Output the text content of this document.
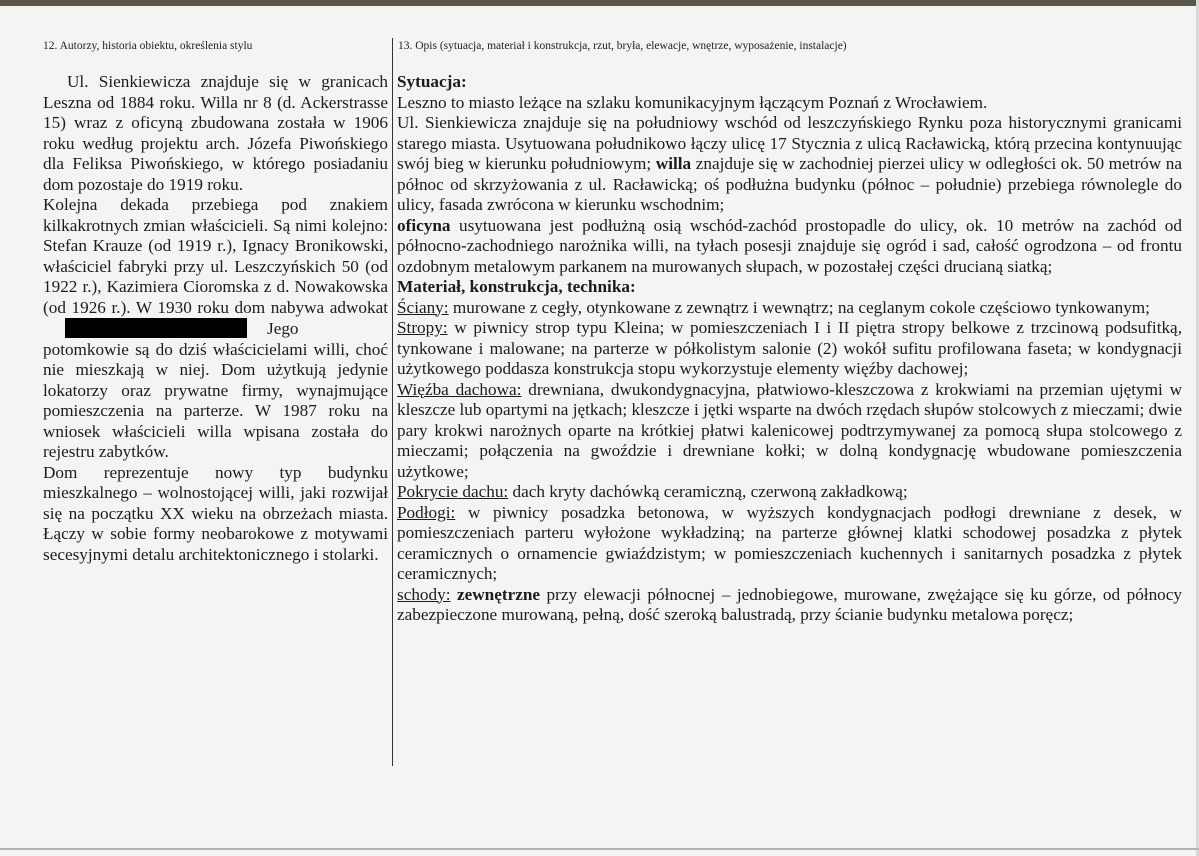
12. Autorzy, historia obiektu, określenia stylu	13. Opis (sytuacja, materiał i konstrukcja, rzut, bryła, elewacje, wnętrze, wyposażenie, instalacje)

Ul. Sienkiewicza znajduje się w granicach Leszna od 1884 roku. Willa nr 8 (d. Ackerstrasse 15) wraz z oficyną zbudowana została w 1906 roku według projektu arch. Józefa Piwońskiego dla Feliksa Piwońskiego, w którego posiadaniu dom pozostaje do 1919 roku.

Kolejna dekada przebiega pod znakiem kilkakrotnych zmian właścicieli. Są nimi kolejno: Stefan Krauze (od 1919 r.), Ignacy Bronikowski, właściciel fabryki przy ul. Leszczyńskich 50 (od 1922 r.), Kazimiera Cioromska z d. Nowakowska (od 1926 r.). W 1930 roku dom nabywa adwokatJego potomkowie są do dziś właścicielami willi, choć nie mieszkają w niej. Dom użytkują jedynie lokatorzy oraz prywatne firmy, wynajmujące pomieszczenia na parterze. W 1987 roku na wniosek właścicieli willa wpisana została do rejestru zabytków.

Dom reprezentuje nowy typ budynku mieszkalnego – wolnostojącej willi, jaki rozwijał się na początku XX wieku na obrzeżach miasta. Łączy w sobie formy neobarokowe z motywami secesyjnymi detalu architektonicznego i stolarki.

Sytuacja:

Leszno to miasto leżące na szlaku komunikacyjnym łączącym Poznań z Wrocławiem.

Ul. Sienkiewicza znajduje się na południowy wschód od leszczyńskiego Rynku poza historycznymi granicami starego miasta. Usytuowana południkowo łączy ulicę 17 Stycznia z ulicą Racławicką, którą przecina kontynuując swój bieg w kierunku południowym; willa znajduje się w zachodniej pierzei ulicy w odległości ok. 50 metrów na północ od skrzyżowania z ul. Racławicką; oś podłużna budynku (północ – południe) przebiega równolegle do ulicy, fasada zwrócona w kierunku wschodnim;

oficyna usytuowana jest podłużną osią wschód-zachód prostopadle do ulicy, ok. 10 metrów na zachód od północno-zachodniego narożnika willi, na tyłach posesji znajduje się ogród i sad, całość ogrodzona – od frontu ozdobnym metalowym parkanem na murowanych słupach, w pozostałej części drucianą siatką;

Materiał, konstrukcja, technika:

Ściany: murowane z cegły, otynkowane z zewnątrz i wewnątrz; na ceglanym cokole częściowo tynkowanym;

Stropy: w piwnicy strop typu Kleina; w pomieszczeniach I i II piętra stropy belkowe z trzcinową podsufitką, tynkowane i malowane; na parterze w półkolistym salonie (2) wokół sufitu profilowana faseta; w kondygnacji użytkowego poddasza konstrukcja stopu wykorzystuje elementy więźby dachowej;

Więźba dachowa: drewniana, dwukondygnacyjna, płatwiowo-kleszczowa z krokwiami na przemian ujętymi w kleszcze lub opartymi na jętkach; kleszcze i jętki wsparte na dwóch rzędach słupów stolcowych z mieczami; dwie pary krokwi narożnych oparte na krótkiej płatwi kalenicowej podtrzymywanej za pomocą słupa stolcowego z mieczami; połączenia na gwoździe i drewniane kołki; w dolną kondygnację wbudowane pomieszczenia użytkowe;

Pokrycie dachu: dach kryty dachówką ceramiczną, czerwoną zakładkową;

Podłogi: w piwnicy posadzka betonowa, w wyższych kondygnacjach podłogi drewniane z desek, w pomieszczeniach parteru wyłożone wykładziną; na parterze głównej klatki schodowej posadzka z płytek ceramicznych o ornamencie gwiaździstym; w pomieszczeniach kuchennych i sanitarnych posadzka z płytek ceramicznych;

schody: zewnętrzne przy elewacji północnej – jednobiegowe, murowane, zwężające się ku górze, od północy zabezpieczone murowaną, pełną, dość szeroką balustradą, przy ścianie budynku metalowa poręcz;
